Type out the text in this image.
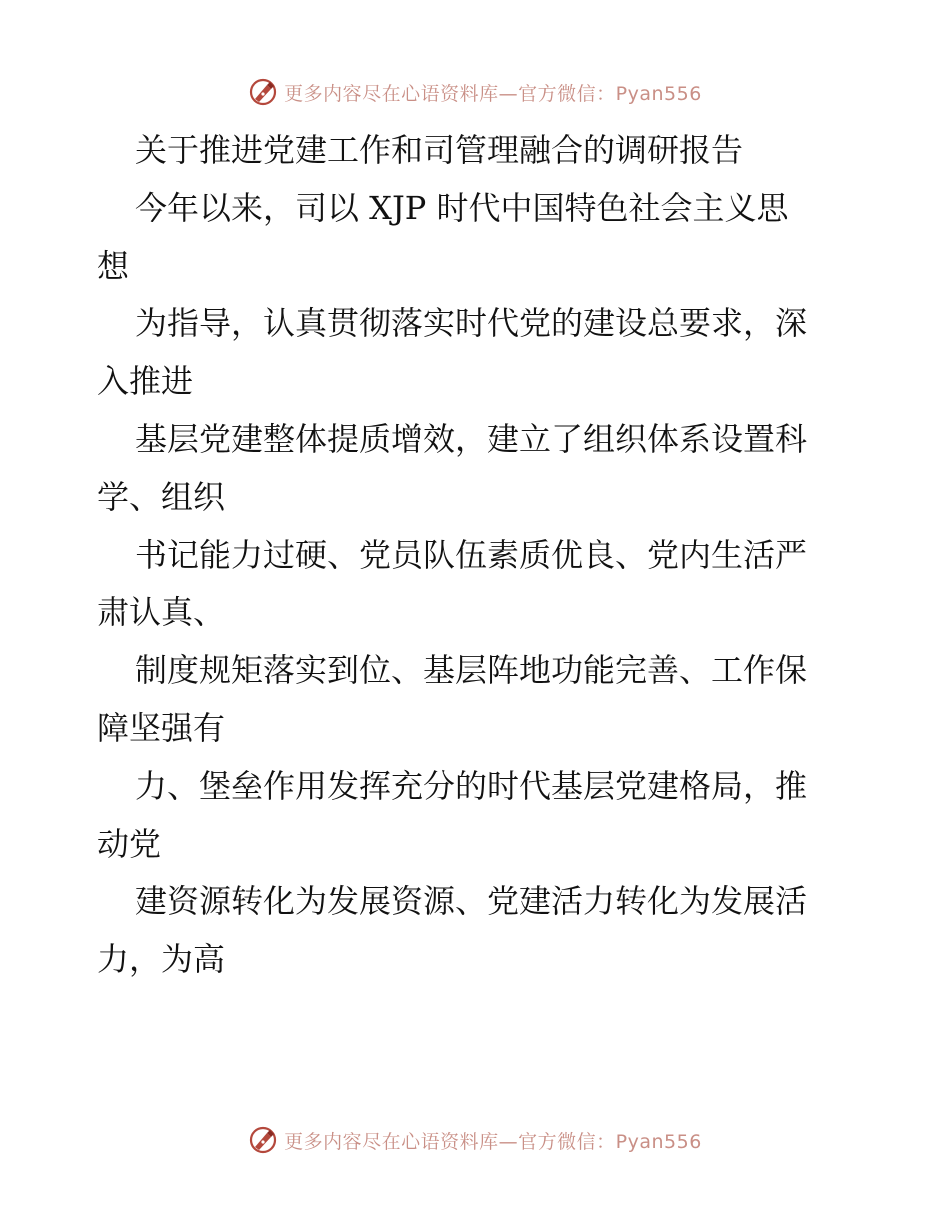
更多内容尽在心语资料库—官方微信：Pyan556

关于推进党建工作和司管理融合的调研报告

今年以来，司以 XJP 时代中国特色社会主义思

想

为指导，认真贯彻落实时代党的建设总要求，深

入推进

基层党建整体提质增效，建立了组织体系设置科

学、组织

书记能力过硬、党员队伍素质优良、党内生活严

肃认真、

制度规矩落实到位、基层阵地功能完善、工作保

障坚强有

力、堡垒作用发挥充分的时代基层党建格局，推

动党

建资源转化为发展资源、党建活力转化为发展活

力，为高

更多内容尽在心语资料库—官方微信：Pyan556
